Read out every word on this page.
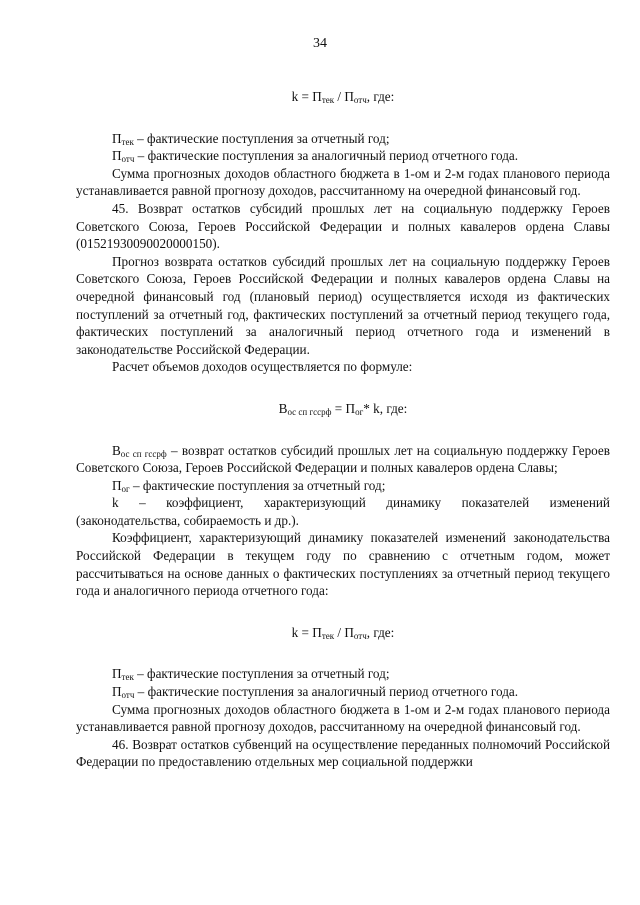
34

$k = П_{тек} / П_{отч}$, где:

$П_{тек}$ – фактические поступления за отчетный год;

$П_{отч}$ – фактические поступления за аналогичный период отчетного года.

Сумма прогнозных доходов областного бюджета в 1-ом и 2-м годах планового периода устанавливается равной прогнозу доходов, рассчитанному на очередной финансовый год.

45. Возврат остатков субсидий прошлых лет на социальную поддержку Героев Советского Союза, Героев Российской Федерации и полных кавалеров ордена Славы (01521930090020000150).

Прогноз возврата остатков субсидий прошлых лет на социальную поддержку Героев Советского Союза, Героев Российской Федерации и полных кавалеров ордена Славы на очередной финансовый год (плановый период) осуществляется исходя из фактических поступлений за отчетный год, фактических поступлений за отчетный период текущего года, фактических поступлений за аналогичный период отчетного года и изменений в законодательстве Российской Федерации.

Расчет объемов доходов осуществляется по формуле:

$В_{ос сп гссрф} = П_{ог}*$ k, где:

$В_{ос сп гссрф}$ – возврат остатков субсидий прошлых лет на социальную поддержку Героев Советского Союза, Героев Российской Федерации и полных кавалеров ордена Славы;

$П_{ог}$ – фактические поступления за отчетный год;

k – коэффициент, характеризующий динамику показателей изменений (законодательства, собираемость и др.).

Коэффициент, характеризующий динамику показателей изменений законодательства Российской Федерации в текущем году по сравнению с отчетным годом, может рассчитываться на основе данных о фактических поступлениях за отчетный период текущего года и аналогичного периода отчетного года:

$k = П_{тек} / П_{отч}$, где:

$П_{тек}$ – фактические поступления за отчетный год;

$П_{отч}$ – фактические поступления за аналогичный период отчетного года.

Сумма прогнозных доходов областного бюджета в 1-ом и 2-м годах планового периода устанавливается равной прогнозу доходов, рассчитанному на очередной финансовый год.

46. Возврат остатков субвенций на осуществление переданных полномочий Российской Федерации по предоставлению отдельных мер социальной поддержки
